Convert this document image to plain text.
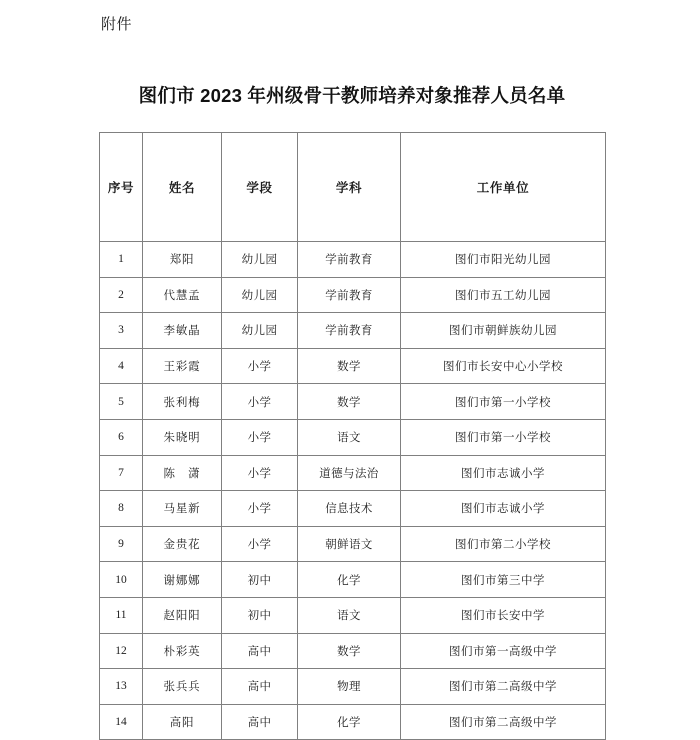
附件
图们市 2023 年州级骨干教师培养对象推荐人员名单
序号	姓名	学段	学科	工作单位
1	郑阳	幼儿园	学前教育	图们市阳光幼儿园
2	代慧孟	幼儿园	学前教育	图们市五工幼儿园
3	李敏晶	幼儿园	学前教育	图们市朝鲜族幼儿园
4	王彩霞	小学	数学	图们市长安中心小学校
5	张利梅	小学	数学	图们市第一小学校
6	朱晓明	小学	语文	图们市第一小学校
7	陈　潇	小学	道德与法治	图们市志诚小学
8	马星新	小学	信息技术	图们市志诚小学
9	金贵花	小学	朝鲜语文	图们市第二小学校
10	谢娜娜	初中	化学	图们市第三中学
11	赵阳阳	初中	语文	图们市长安中学
12	朴彩英	高中	数学	图们市第一高级中学
13	张兵兵	高中	物理	图们市第二高级中学
14	高阳	高中	化学	图们市第二高级中学
